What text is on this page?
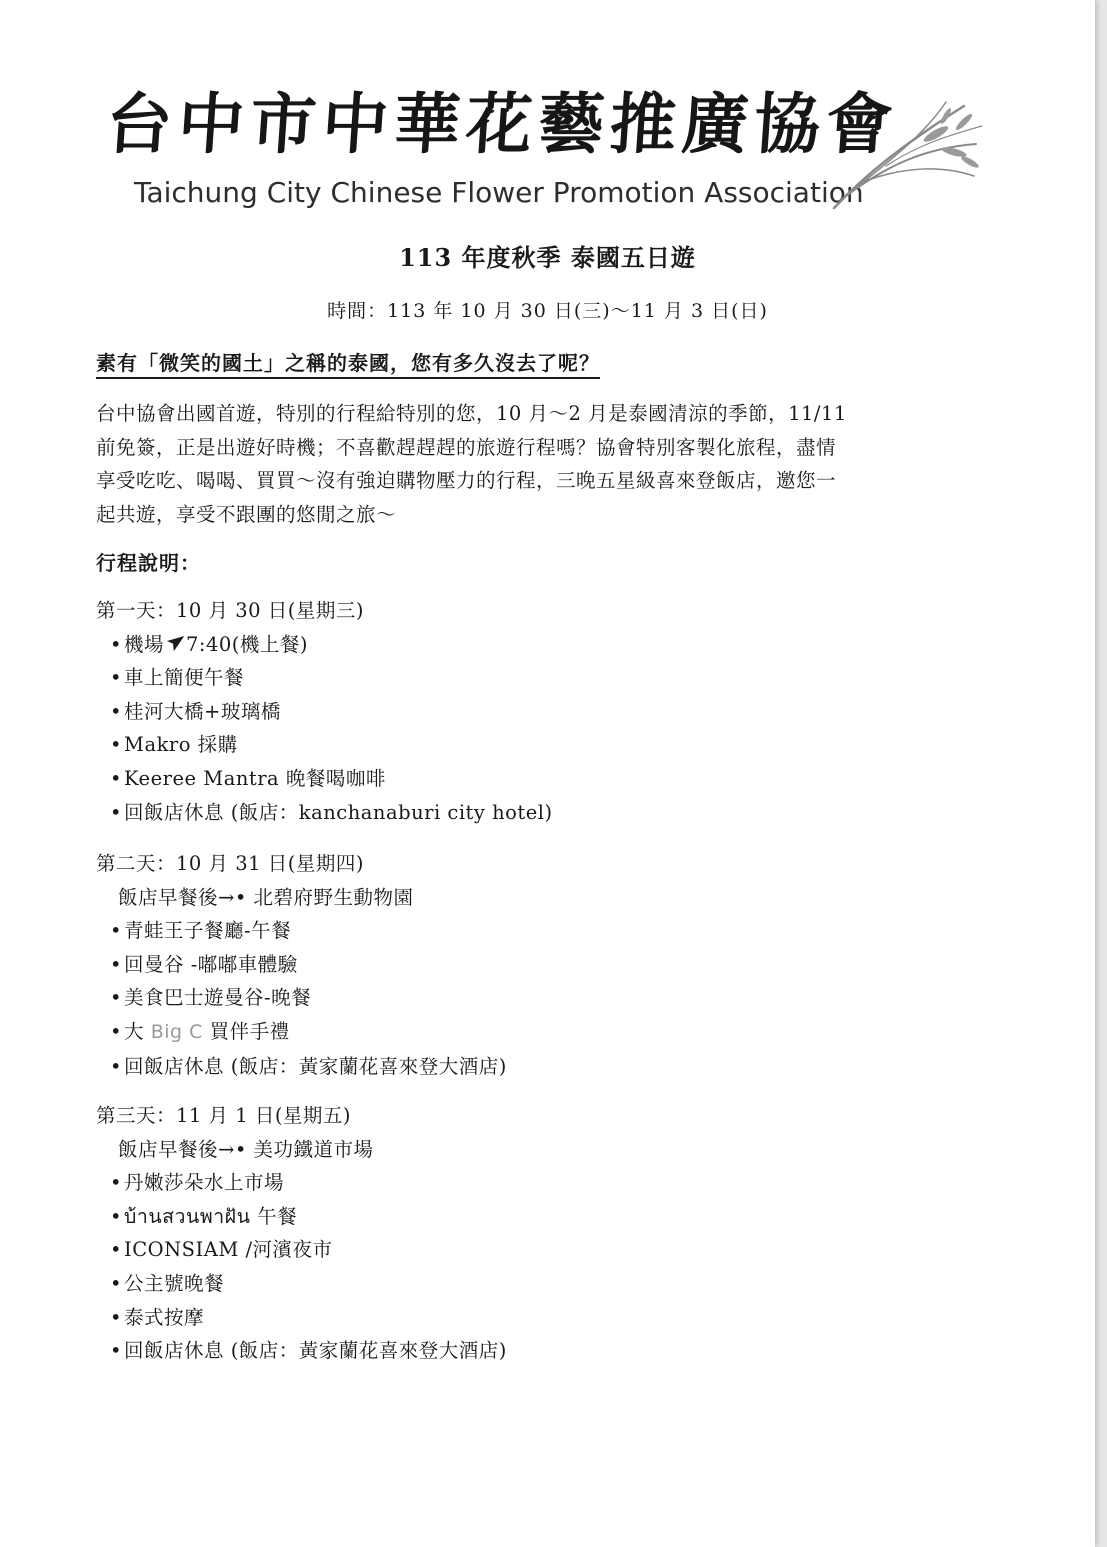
台中市中華花藝推廣協會
Taichung City Chinese Flower Promotion Association
113 年度秋季 泰國五日遊
時間：113 年 10 月 30 日(三)～11 月 3 日(日)
素有「微笑的國土」之稱的泰國，您有多久沒去了呢？
台中協會出國首遊，特別的行程給特別的您，10 月～2 月是泰國清涼的季節，11/11
前免簽，正是出遊好時機；不喜歡趕趕趕的旅遊行程嗎？協會特別客製化旅程，盡情
享受吃吃、喝喝、買買～沒有強迫購物壓力的行程，三晚五星級喜來登飯店，邀您一
起共遊，享受不跟團的悠閒之旅～
行程說明：
第一天：10 月 30 日(星期三)
• 機場 7:40(機上餐)
• 車上簡便午餐
• 桂河大橋+玻璃橋
• Makro 採購
• Keeree Mantra 晚餐喝咖啡
• 回飯店休息 (飯店：kanchanaburi city hotel)
第二天：10 月 31 日(星期四)
飯店早餐後→• 北碧府野生動物園
• 青蛙王子餐廳-午餐
• 回曼谷 -嘟嘟車體驗
• 美食巴士遊曼谷-晚餐
• 大 Big C 買伴手禮
• 回飯店休息 (飯店：黃家蘭花喜來登大酒店)
第三天：11 月 1 日(星期五)
飯店早餐後→• 美功鐵道市場
• 丹嫩莎朵水上市場
• บ้านสวนพาฝัน 午餐
• ICONSIAM /河濱夜市
• 公主號晚餐
• 泰式按摩
• 回飯店休息 (飯店：黃家蘭花喜來登大酒店)
